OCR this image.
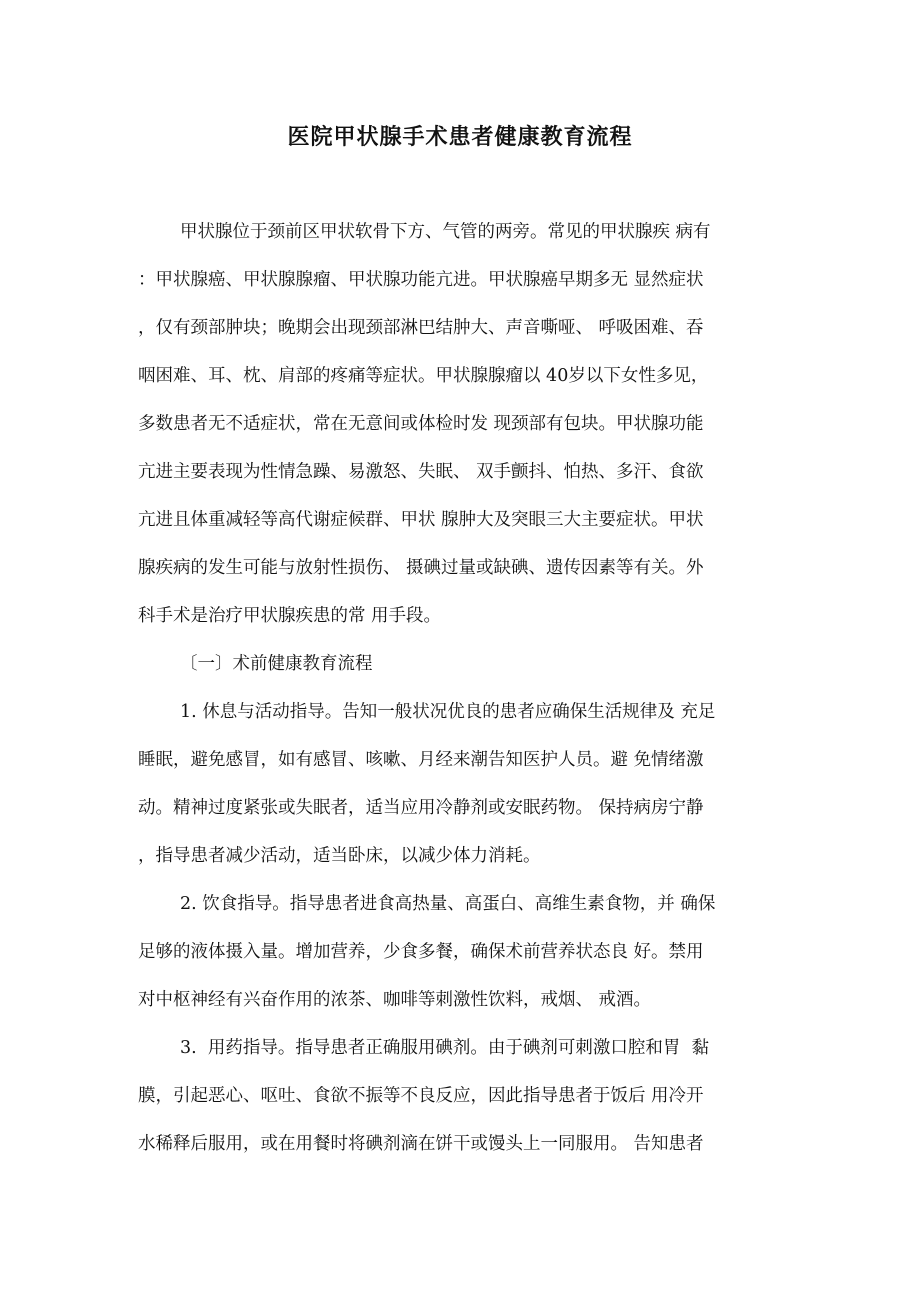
医院甲状腺手术患者健康教育流程
甲状腺位于颈前区甲状软骨下方、气管的两旁。常见的甲状腺疾 病有
：甲状腺癌、甲状腺腺瘤、甲状腺功能亢进。甲状腺癌早期多无 显然症状
，仅有颈部肿块；晚期会出现颈部淋巴结肿大、声音嘶哑、 呼吸困难、吞
咽困难、耳、枕、肩部的疼痛等症状。甲状腺腺瘤以 40岁以下女性多见，
多数患者无不适症状，常在无意间或体检时发 现颈部有包块。甲状腺功能
亢进主要表现为性情急躁、易激怒、失眠、 双手颤抖、怕热、多汗、食欲
亢进且体重减轻等高代谢症候群、甲状 腺肿大及突眼三大主要症状。甲状
腺疾病的发生可能与放射性损伤、 摄碘过量或缺碘、遗传因素等有关。外
科手术是治疗甲状腺疾患的常 用手段。
〔一〕术前健康教育流程
1. 休息与活动指导。告知一般状况优良的患者应确保生活规律及 充足
睡眠，避免感冒，如有感冒、咳嗽、月经来潮告知医护人员。避 免情绪激
动。精神过度紧张或失眠者，适当应用冷静剂或安眠药物。 保持病房宁静
，指导患者减少活动，适当卧床，以减少体力消耗。
2. 饮食指导。指导患者进食高热量、高蛋白、高维生素食物，并 确保
足够的液体摄入量。增加营养，少食多餐，确保术前营养状态良 好。禁用
对中枢神经有兴奋作用的浓茶、咖啡等刺激性饮料，戒烟、 戒酒。
3.  用药指导。指导患者正确服用碘剂。由于碘剂可刺激口腔和胃  黏
膜，引起恶心、呕吐、食欲不振等不良反应，因此指导患者于饭后 用冷开
水稀释后服用，或在用餐时将碘剂滴在饼干或馒头上一同服用。 告知患者
